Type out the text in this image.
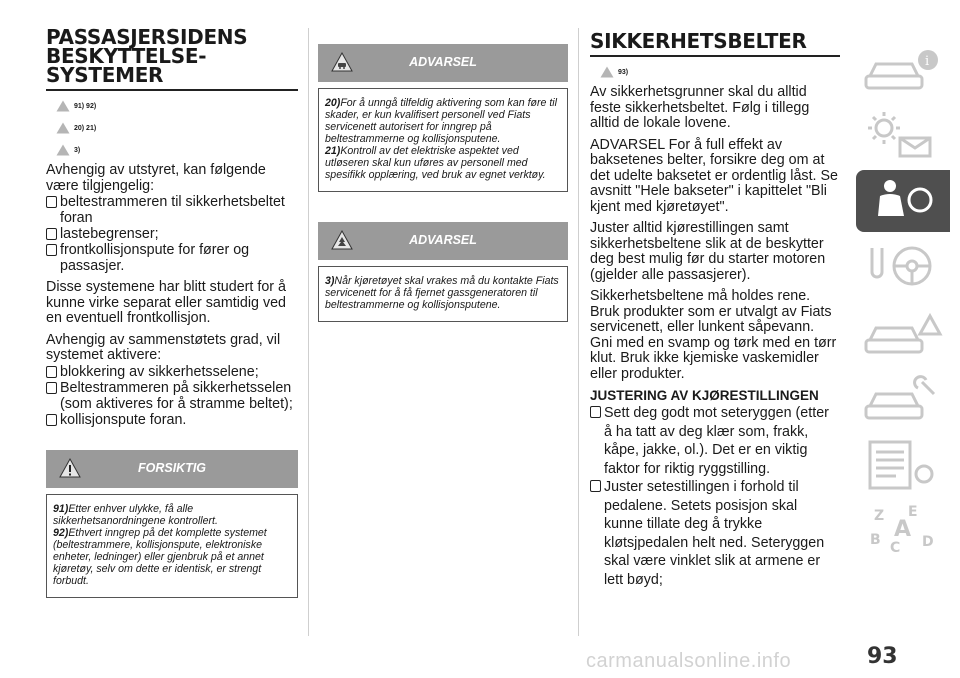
PASSASJERSIDENS
BESKYTTELSE-
SYSTEMER
91) 92)
20) 21)
3)

Avhengig av utstyret, kan følgende være tilgjengelig:

beltestrammeren til sikkerhetsbeltet foran
lastebegrenser;
frontkollisjonspute for fører og passasjer.

Disse systemene har blitt studert for å kunne virke separat eller samtidig ved en eventuell frontkollisjon.

Avhengig av sammenstøtets grad, vil systemet aktivere:

blokkering av sikkerhetsselene;
Beltestrammeren på sikkerhetsselen (som aktiveres for å stramme beltet);
kollisjonspute foran.
FORSIKTIG

91)Etter enhver ulykke, få alle sikkerhetsanordningene kontrollert.

92)Ethvert inngrep på det komplette systemet (beltestrammere, kollisjonspute, elektroniske enheter, ledninger) eller gjenbruk på et annet kjøretøy, selv om dette er identisk, er strengt forbudt.

ADVARSEL

20)For å unngå tilfeldig aktivering som kan føre til skader, er kun kvalifisert personell ved Fiats servicenett autorisert for inngrep på beltestrammerne og kollisjonsputene.

21)Kontroll av det elektriske aspektet ved utløseren skal kun uføres av personell med spesifikk opplæring, ved bruk av egnet verktøy.

ADVARSEL

3)Når kjøretøyet skal vrakes må du kontakte Fiats servicenett for å få fjernet gassgeneratoren til beltestrammerne og kollisjonsputene.

SIKKERHETSBELTER
93)

Av sikkerhetsgrunner skal du alltid feste sikkerhetsbeltet. Følg i tillegg alltid de lokale lovene.

ADVARSEL For å full effekt av baksetenes belter, forsikre deg om at det udelte baksetet er ordentlig låst. Se avsnitt "Hele bakseter" i kapittelet "Bli kjent med kjøretøyet".

Juster alltid kjørestillingen samt sikkerhetsbeltene slik at de beskytter deg best mulig før du starter motoren (gjelder alle passasjerer).

Sikkerhetsbeltene må holdes rene. Bruk produkter som er utvalgt av Fiats servicenett, eller lunkent såpevann. Gni med en svamp og tørk med en tørr klut. Bruk ikke kjemiske vaskemidler eller produkter.

JUSTERING AV KJØRESTILLINGEN
Sett deg godt mot seteryggen (etter å ha tatt av deg klær som, frakk, kåpe, jakke, ol.). Det er en viktig faktor for riktig ryggstilling.
Juster setestillingen i forhold til pedalene. Setets posisjon skal kunne tillate deg å trykke kløtsjpedalen helt ned. Seteryggen skal være vinklet slik at armene er lett bøyd;
i
Z E
B C D
A
93
carmanualsonline.info
